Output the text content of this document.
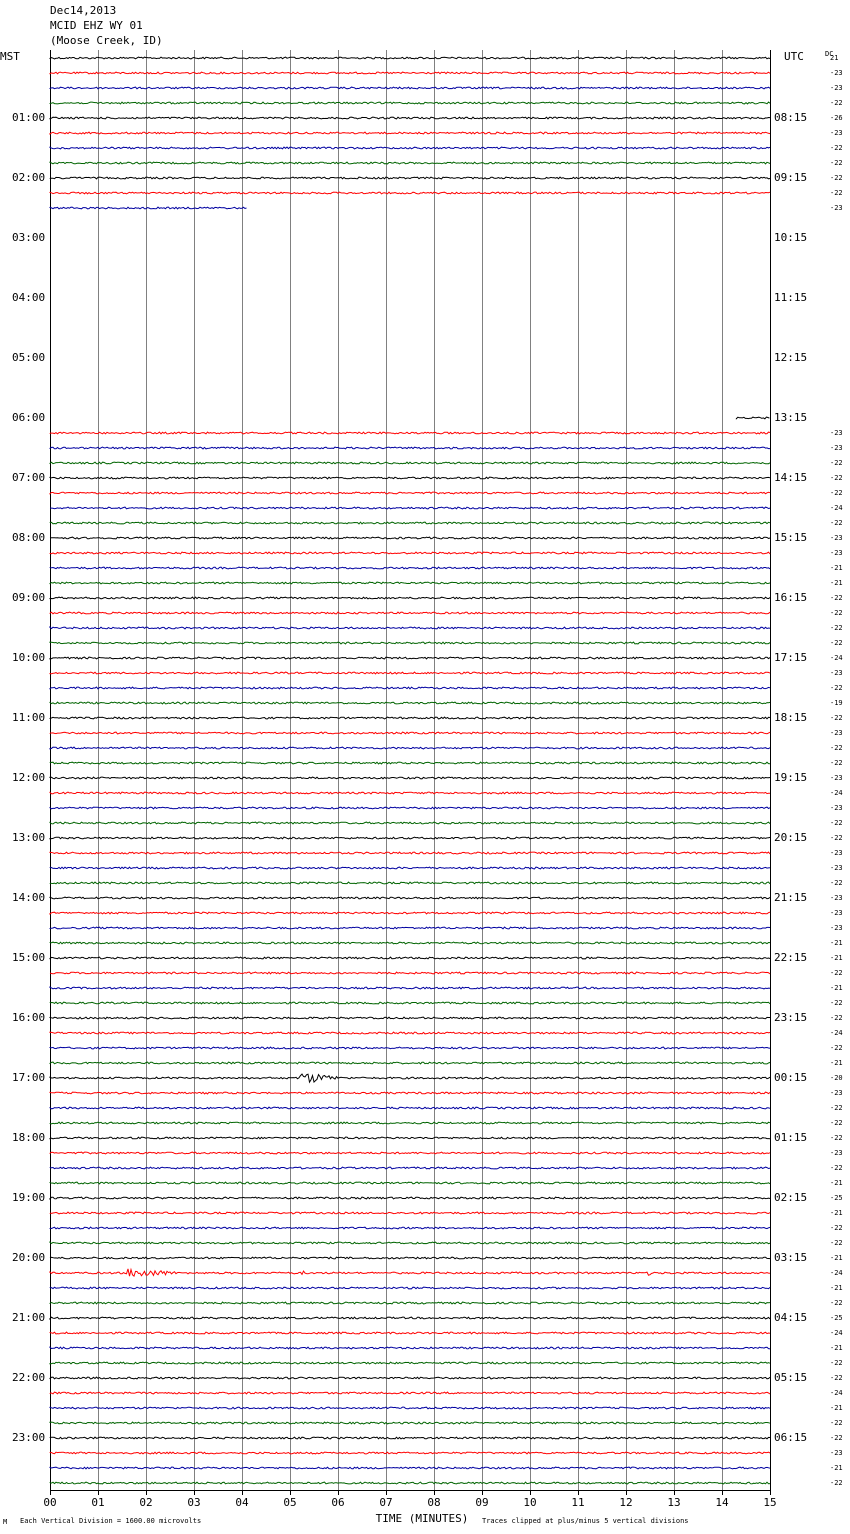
Dec14,2013
MCID EHZ WY 01
(Moose Creek, ID)
MST	UTC	DC
00	01	02	03	04	05	06	07	08	09	10	11	12	13	14	15
TIME (MINUTES)
01:00
02:00
03:00
04:00
05:00
06:00
07:00
08:00
09:00
10:00
11:00
12:00
13:00
14:00
15:00
16:00
17:00
18:00
19:00
20:00
21:00
22:00
23:00
08:15
09:15
10:15
11:15
12:15
13:15
14:15
15:15
16:15
17:15
18:15
19:15
20:15
21:15
22:15
23:15
00:15
01:15
02:15
03:15
04:15
05:15
06:15
21
-23
-23
-22
-26
-23
-22
-22
-22
-22
-23
-23
-23
-22
-22
-22
-24
-22
-23
-23
-21
-21
-22
-22
-22
-22
-24
-23
-22
-19
-22
-23
-22
-22
-23
-24
-23
-22
-22
-23
-23
-22
-23
-23
-23
-21
-21
-22
-21
-22
-22
-24
-22
-21
-20
-23
-22
-22
-22
-23
-22
-21
-25
-21
-22
-22
-21
-24
-21
-22
-25
-24
-21
-22
-22
-24
-21
-22
-22
-23
-21
-22
M Each Vertical Division = 1600.00 microvolts	Traces clipped at plus/minus 5 vertical divisions
